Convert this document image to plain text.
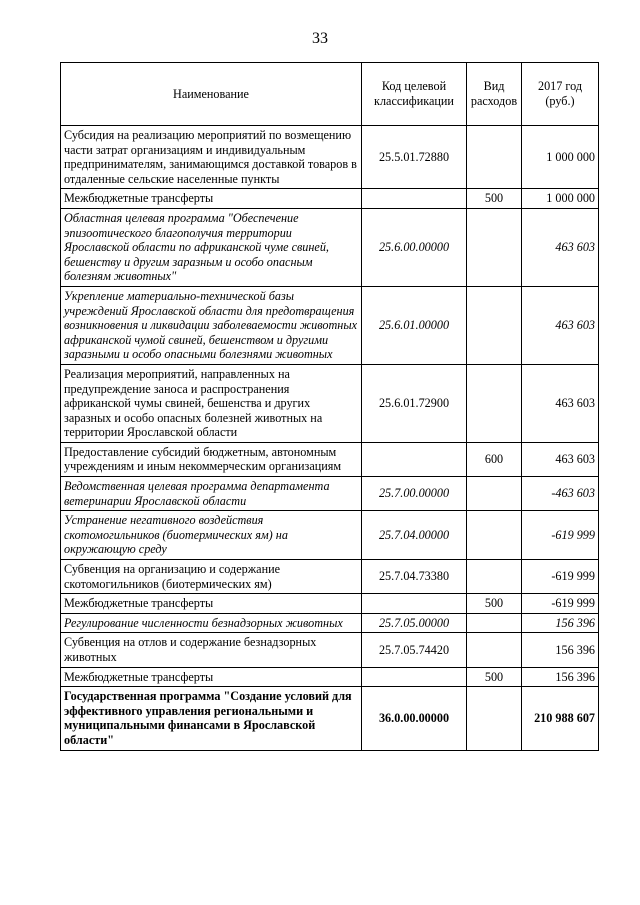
33
Наименование	Код целевой классификации	Вид расходов	2017 год (руб.)
Субсидия на реализацию мероприятий по возмещению части затрат организациям и индивидуальным предпринимателям, занимающимся доставкой товаров в отдаленные сельские населенные пункты	25.5.01.72880		1 000 000
Межбюджетные трансферты		500	1 000 000
Областная целевая программа "Обеспечение эпизоотического благополучия территории Ярославской области по африканской чуме свиней, бешенству и другим заразным и особо опасным болезням животных"	25.6.00.00000		463 603
Укрепление материально-технической базы учреждений Ярославской области для предотвращения возникновения и ликвидации заболеваемости животных африканской чумой свиней, бешенством и другими заразными и особо опасными болезнями животных	25.6.01.00000		463 603
Реализация мероприятий, направленных на предупреждение заноса и распространения африканской чумы свиней, бешенства и других заразных и особо опасных болезней животных на территории Ярославской области	25.6.01.72900		463 603
Предоставление субсидий бюджетным, автономным учреждениям и иным некоммерческим организациям		600	463 603
Ведомственная целевая программа департамента ветеринарии Ярославской области	25.7.00.00000		-463 603
Устранение негативного воздействия скотомогильников (биотермических ям) на окружающую среду	25.7.04.00000		-619 999
Субвенция на организацию и содержание скотомогильников (биотермических ям)	25.7.04.73380		-619 999
Межбюджетные трансферты		500	-619 999
Регулирование численности безнадзорных животных	25.7.05.00000		156 396
Субвенция на отлов и содержание безнадзорных животных	25.7.05.74420		156 396
Межбюджетные трансферты		500	156 396
Государственная программа "Создание условий для эффективного управления региональными и муниципальными финансами в Ярославской области"	36.0.00.00000		210 988 607
